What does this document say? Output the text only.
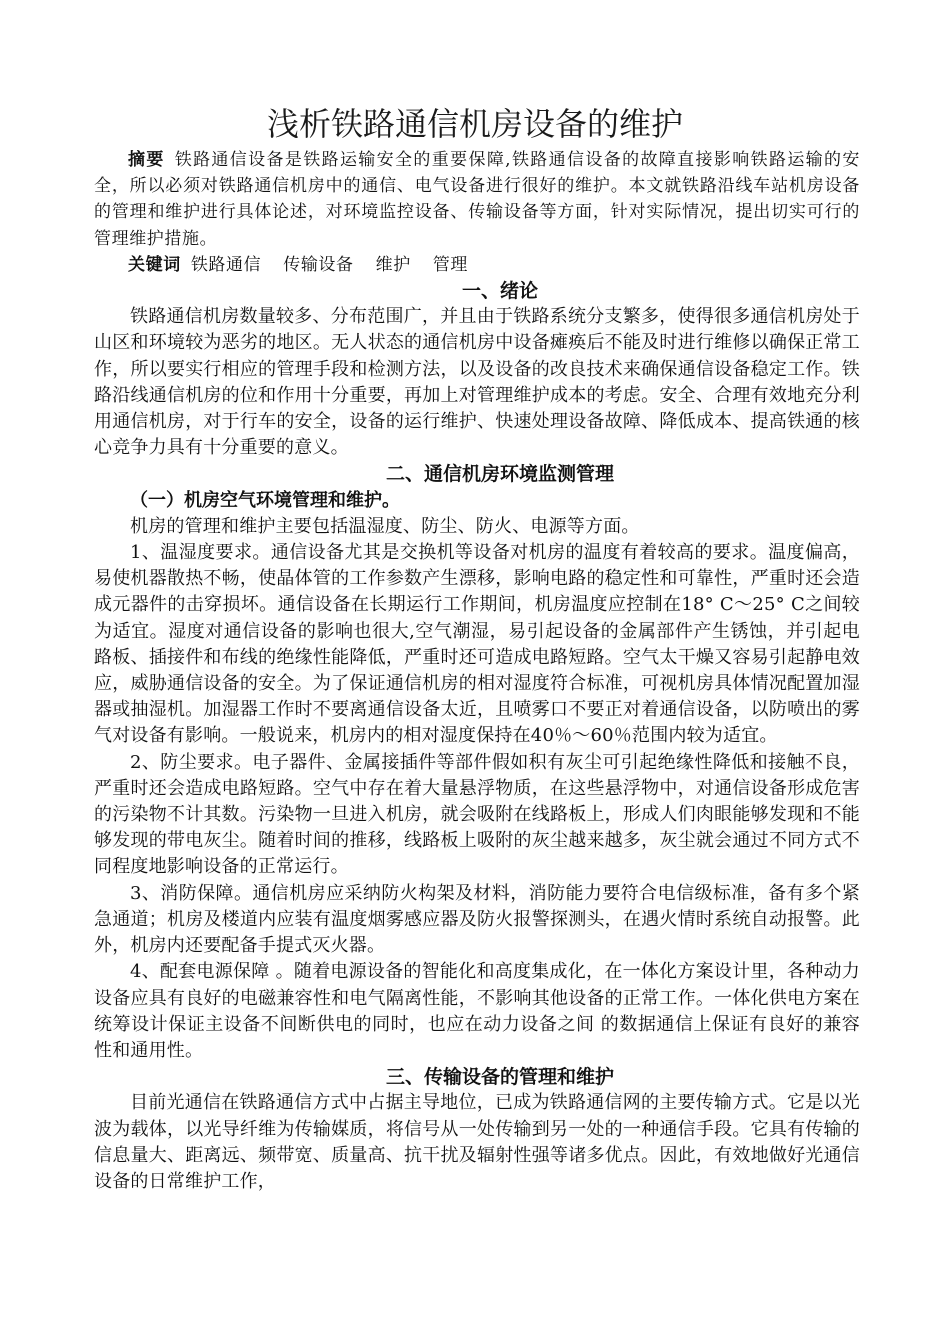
浅析铁路通信机房设备的维护

摘要 铁路通信设备是铁路运输安全的重要保障,铁路通信设备的故障直接影响铁路运输的安全，所以必须对铁路通信机房中的通信、电气设备进行很好的维护。本文就铁路沿线车站机房设备的管理和维护进行具体论述，对环境监控设备、传输设备等方面，针对实际情况，提出切实可行的管理维护措施。

关键词 铁路通信 传输设备 维护 管理

一、绪论

铁路通信机房数量较多、分布范围广，并且由于铁路系统分支繁多，使得很多通信机房处于山区和环境较为恶劣的地区。无人状态的通信机房中设备瘫痪后不能及时进行维修以确保正常工作，所以要实行相应的管理手段和检测方法，以及设备的改良技术来确保通信设备稳定工作。铁路沿线通信机房的位和作用十分重要，再加上对管理维护成本的考虑。安全、合理有效地充分利用通信机房，对于行车的安全，设备的运行维护、快速处理设备故障、降低成本、提高铁通的核心竞争力具有十分重要的意义。

二、通信机房环境监测管理

（一）机房空气环境管理和维护。

机房的管理和维护主要包括温湿度、防尘、防火、电源等方面。

1、温湿度要求。通信设备尤其是交换机等设备对机房的温度有着较高的要求。温度偏高，易使机器散热不畅，使晶体管的工作参数产生漂移，影响电路的稳定性和可靠性，严重时还会造成元器件的击穿损坏。通信设备在长期运行工作期间，机房温度应控制在18° C～25° C之间较为适宜。湿度对通信设备的影响也很大,空气潮湿，易引起设备的金属部件产生锈蚀，并引起电路板、插接件和布线的绝缘性能降低，严重时还可造成电路短路。空气太干燥又容易引起静电效应，威胁通信设备的安全。为了保证通信机房的相对湿度符合标准，可视机房具体情况配置加湿器或抽湿机。加湿器工作时不要离通信设备太近，且喷雾口不要正对着通信设备，以防喷出的雾气对设备有影响。一般说来，机房内的相对湿度保持在40％～60％范围内较为适宜。

2、防尘要求。电子器件、金属接插件等部件假如积有灰尘可引起绝缘性降低和接触不良，严重时还会造成电路短路。空气中存在着大量悬浮物质，在这些悬浮物中，对通信设备形成危害的污染物不计其数。污染物一旦进入机房，就会吸附在线路板上，形成人们肉眼能够发现和不能够发现的带电灰尘。随着时间的推移，线路板上吸附的灰尘越来越多，灰尘就会通过不同方式不同程度地影响设备的正常运行。

3、消防保障。通信机房应采纳防火构架及材料，消防能力要符合电信级标准，备有多个紧急通道；机房及楼道内应装有温度烟雾感应器及防火报警探测头，在遇火情时系统自动报警。此外，机房内还要配备手提式灭火器。

4、配套电源保障 。随着电源设备的智能化和高度集成化，在一体化方案设计里，各种动力设备应具有良好的电磁兼容性和电气隔离性能，不影响其他设备的正常工作。一体化供电方案在统筹设计保证主设备不间断供电的同时，也应在动力设备之间 的数据通信上保证有良好的兼容性和通用性。

三、传输设备的管理和维护

目前光通信在铁路通信方式中占据主导地位，已成为铁路通信网的主要传输方式。它是以光波为载体，以光导纤维为传输媒质，将信号从一处传输到另一处的一种通信手段。它具有传输的信息量大、距离远、频带宽、质量高、抗干扰及辐射性强等诸多优点。因此，有效地做好光通信设备的日常维护工作，
